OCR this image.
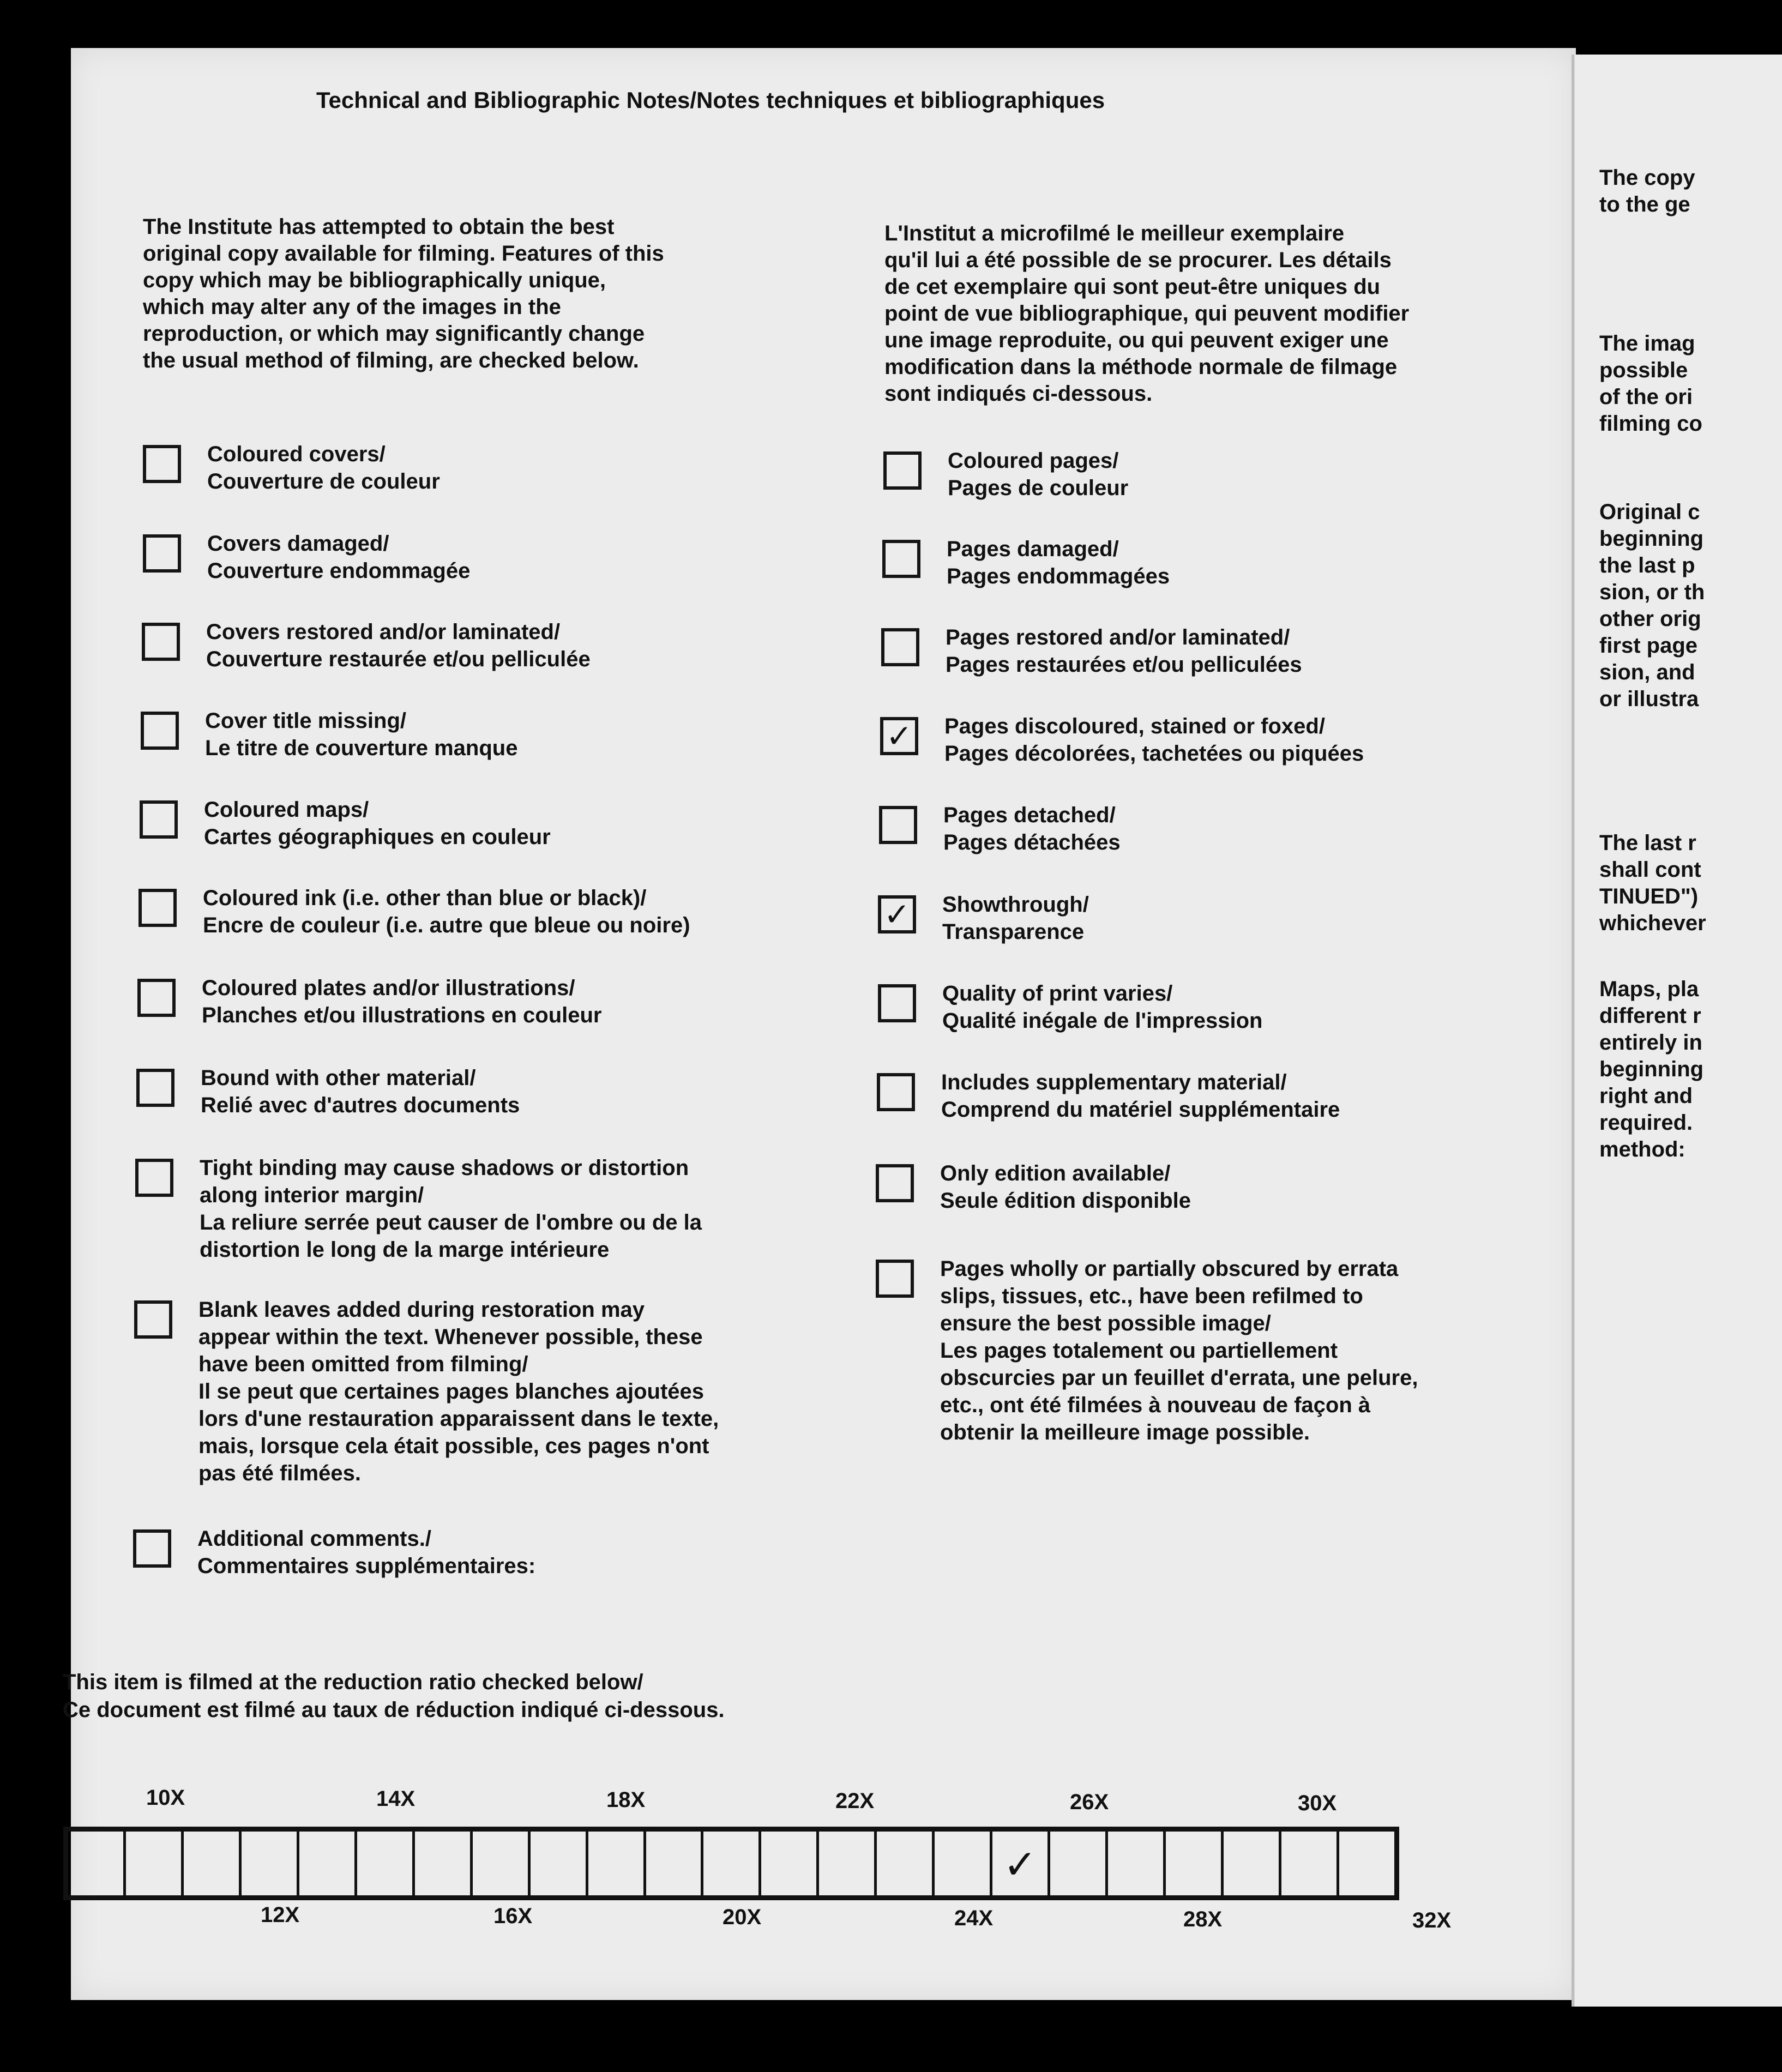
Technical and Bibliographic Notes/Notes techniques et bibliographiques

The Institute has attempted to obtain the best
original copy available for filming. Features of this
copy which may be bibliographically unique,
which may alter any of the images in the
reproduction, or which may significantly change
the usual method of filming, are checked below.

L'Institut a microfilmé le meilleur exemplaire
qu'il lui a été possible de se procurer. Les détails
de cet exemplaire qui sont peut-être uniques du
point de vue bibliographique, qui peuvent modifier
une image reproduite, ou qui peuvent exiger une
modification dans la méthode normale de filmage
sont indiqués ci-dessous.

Coloured covers/
Couverture de couleur
Covers damaged/
Couverture endommagée
Covers restored and/or laminated/
Couverture restaurée et/ou pelliculée
Cover title missing/
Le titre de couverture manque
Coloured maps/
Cartes géographiques en couleur
Coloured ink (i.e. other than blue or black)/
Encre de couleur (i.e. autre que bleue ou noire)
Coloured plates and/or illustrations/
Planches et/ou illustrations en couleur
Bound with other material/
Relié avec d'autres documents
Tight binding may cause shadows or distortion
along interior margin/
La reliure serrée peut causer de l'ombre ou de la
distortion le long de la marge intérieure
Blank leaves added during restoration may
appear within the text. Whenever possible, these
have been omitted from filming/
Il se peut que certaines pages blanches ajoutées
lors d'une restauration apparaissent dans le texte,
mais, lorsque cela était possible, ces pages n'ont
pas été filmées.
Additional comments./
Commentaires supplémentaires:
Coloured pages/
Pages de couleur
Pages damaged/
Pages endommagées
Pages restored and/or laminated/
Pages restaurées et/ou pelliculées
✓ Pages discoloured, stained or foxed/
Pages décolorées, tachetées ou piquées
Pages detached/
Pages détachées
✓ Showthrough/
Transparence
Quality of print varies/
Qualité inégale de l'impression
Includes supplementary material/
Comprend du matériel supplémentaire
Only edition available/
Seule édition disponible
Pages wholly or partially obscured by errata
slips, tissues, etc., have been refilmed to
ensure the best possible image/
Les pages totalement ou partiellement
obscurcies par un feuillet d'errata, une pelure,
etc., ont été filmées à nouveau de façon à
obtenir la meilleure image possible.

This item is filmed at the reduction ratio checked below/
Ce document est filmé au taux de réduction indiqué ci-dessous.

10X	14X	18X	22X	26X	30X
✓
12X	16X	20X	24X	28X	32X

The copy
to the ge

The imag
possible
of the ori
filming co

Original c
beginning
the last p
sion, or th
other orig
first page
sion, and
or illustra

The last r
shall cont
TINUED")
whichever

Maps, pla
different r
entirely in
beginning
right and
required.
method:
